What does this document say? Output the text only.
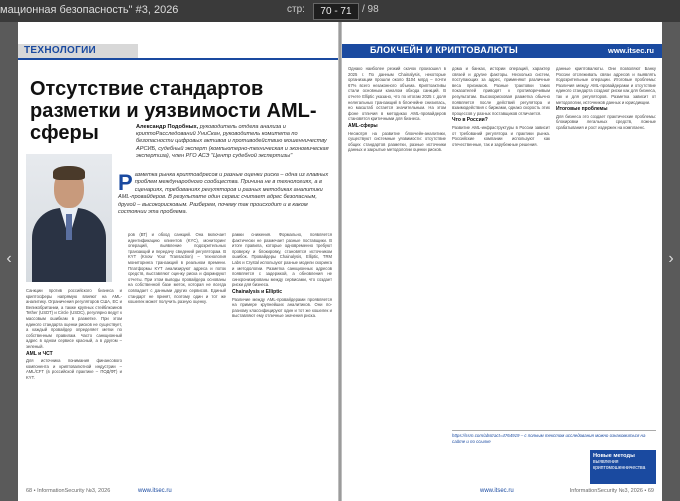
мационная безопасность" #3, 2026	стр:	70 - 71	/ 98
‹	›
ТЕХНОЛОГИИ
Отсутствие стандартов разметки и уязвимости AML-сферы	Александр Подобных, руководитель отдела анализа и криптоРасследований УниСкан, руководитель комитета по безопасности цифровых активов и противодействию мошенничеству АРСИБ, судебный эксперт (компьютерно-техническая и экономическая экспертиза), член РГО АСЭ "Центр судебной экспертизы"
Р азметка рынка криптоадресов и разные оценки риска – одна из главных проблем международного сообщества. Причина не в технологиях, а в сценариях, требованиях регуляторов и разных методиках аналитики AML-провайдеров. В результате один сервис считает адрес безопасным, другой – высокорисковым. Разберем, почему так происходит и в каком состоянии эта проблема.
Санкции против российского бизнеса и криптосферы напрямую влияют на AML-аналитику. Ограничения регуляторов США, ЕС и Великобритании, а также крупных стейблкоинов Tether (USDT) и Circle (USDC), регулярно ведут к массовым ошибкам в разметке. При этом единого стандарта оценки рисков не существует, а каждый провайдер определяет метки по собственным правилам. Часто санкционный адрес в одном сервисе красный, а в другом – зеленый.
AML и ЧСТ
Для источника понимания финансового компонента и криптовалютной индустрии – AML/CFT (в российской практике – ПОД/ФТ) и KYT.
ров (ВТ) и обход санкций. Она включает идентификацию клиентов (KYC), мониторинг операций, выявление подозрительных транзакций и передачу сведений регуляторам. В KYT (Know Your Transaction) – технология мониторинга транзакций в реальном времени. Платформы KYT анализируют адреса и поток средств, выставляют оценку риска и формируют отчеты. При этом выводы провайдера основаны на собственной базе меток, которая не всегда совпадает с данными других сервисов. Единый стандарт не принят, поэтому один и тот же кошелек может получить разную оценку.
рамки снижения. Формально, появляется фактически не размечает разные поставщики. В итоге правила, которые одновременно требуют проверку и блокировку, становятся источником ошибок. Провайдеры Chainalysis, Elliptic, TRM Labs и Crystal используют разные модели скоринга и методологии. Разметка санкционных адресов появляется с задержкой, а обновления не синхронизированы между сервисами, что создает риски для бизнеса.
Chainalysis и Elliptic
Различие между AML-провайдерами проявляется на примере крупнейших аналитиков. Они по-разному классифицируют один и тот же кошелек и выставляют ему отличные значения риска.
68 • InformationSecurity №3, 2026	www.itsec.ru
БЛОКЧЕЙН И КРИПТОВАЛЮТЫ	www.itsec.ru
Однако наиболее резкий скачок произошел в 2025 г. По данным Chainalysis, некоторые организации прошли около $104 млрд – почти 67% всего незаконного объема. Криптоактивы стали основным каналом обхода санкций. В отчете Elliptic указано, что по итогам 2025 г. доля нелегальных транзакций в блокчейне снизилась, но масштаб остается значительным. На этом фоне отличия в методиках AML-провайдеров становятся критичными для бизнеса.
AML-сферы
Несмотря на развитие блокчейн-аналитики, существуют системные уязвимости: отсутствие общих стандартов разметки, разные источники данных и закрытые методологии оценки рисков.
дома и банках, истории операций, характер связей и другие факторы. Несколько систем, поступающих за адрес, применяют различные веса признаков. Разные трактовки таких показателей приводят к противоречивым результатам. Высокорисковая разметка обычно появляется после действий регулятора и взаимодействия с биржами, однако скорость этих процессов у разных поставщиков отличается.
Что в России?
Развитие AML-инфраструктуры в России зависит от требований регулятора и практики рынка. Российские компании используют как отечественные, так и зарубежные решения.
данные криптовалюты. Они позволяют Банку России отслеживать связи адресов и выявлять подозрительные операции. Итоговые проблемы: Различия между AML-провайдерами и отсутствие единого стандарта создают риски как для бизнеса, так и для регуляторов. Разметка зависит от методологии, источников данных и юрисдикции.
Итоговые проблемы
Для бизнеса это создает практические проблемы: блокировки легальных средств, ложные срабатывания и рост издержек на комплаенс.
https://ssrn.com/abstract=4764919 – с полным текстом исследования можно ознакомиться на сайте и по ссылке
Новые методы
выявления криптомошенничества
www.itsec.ru	InformationSecurity №3, 2026 • 69
